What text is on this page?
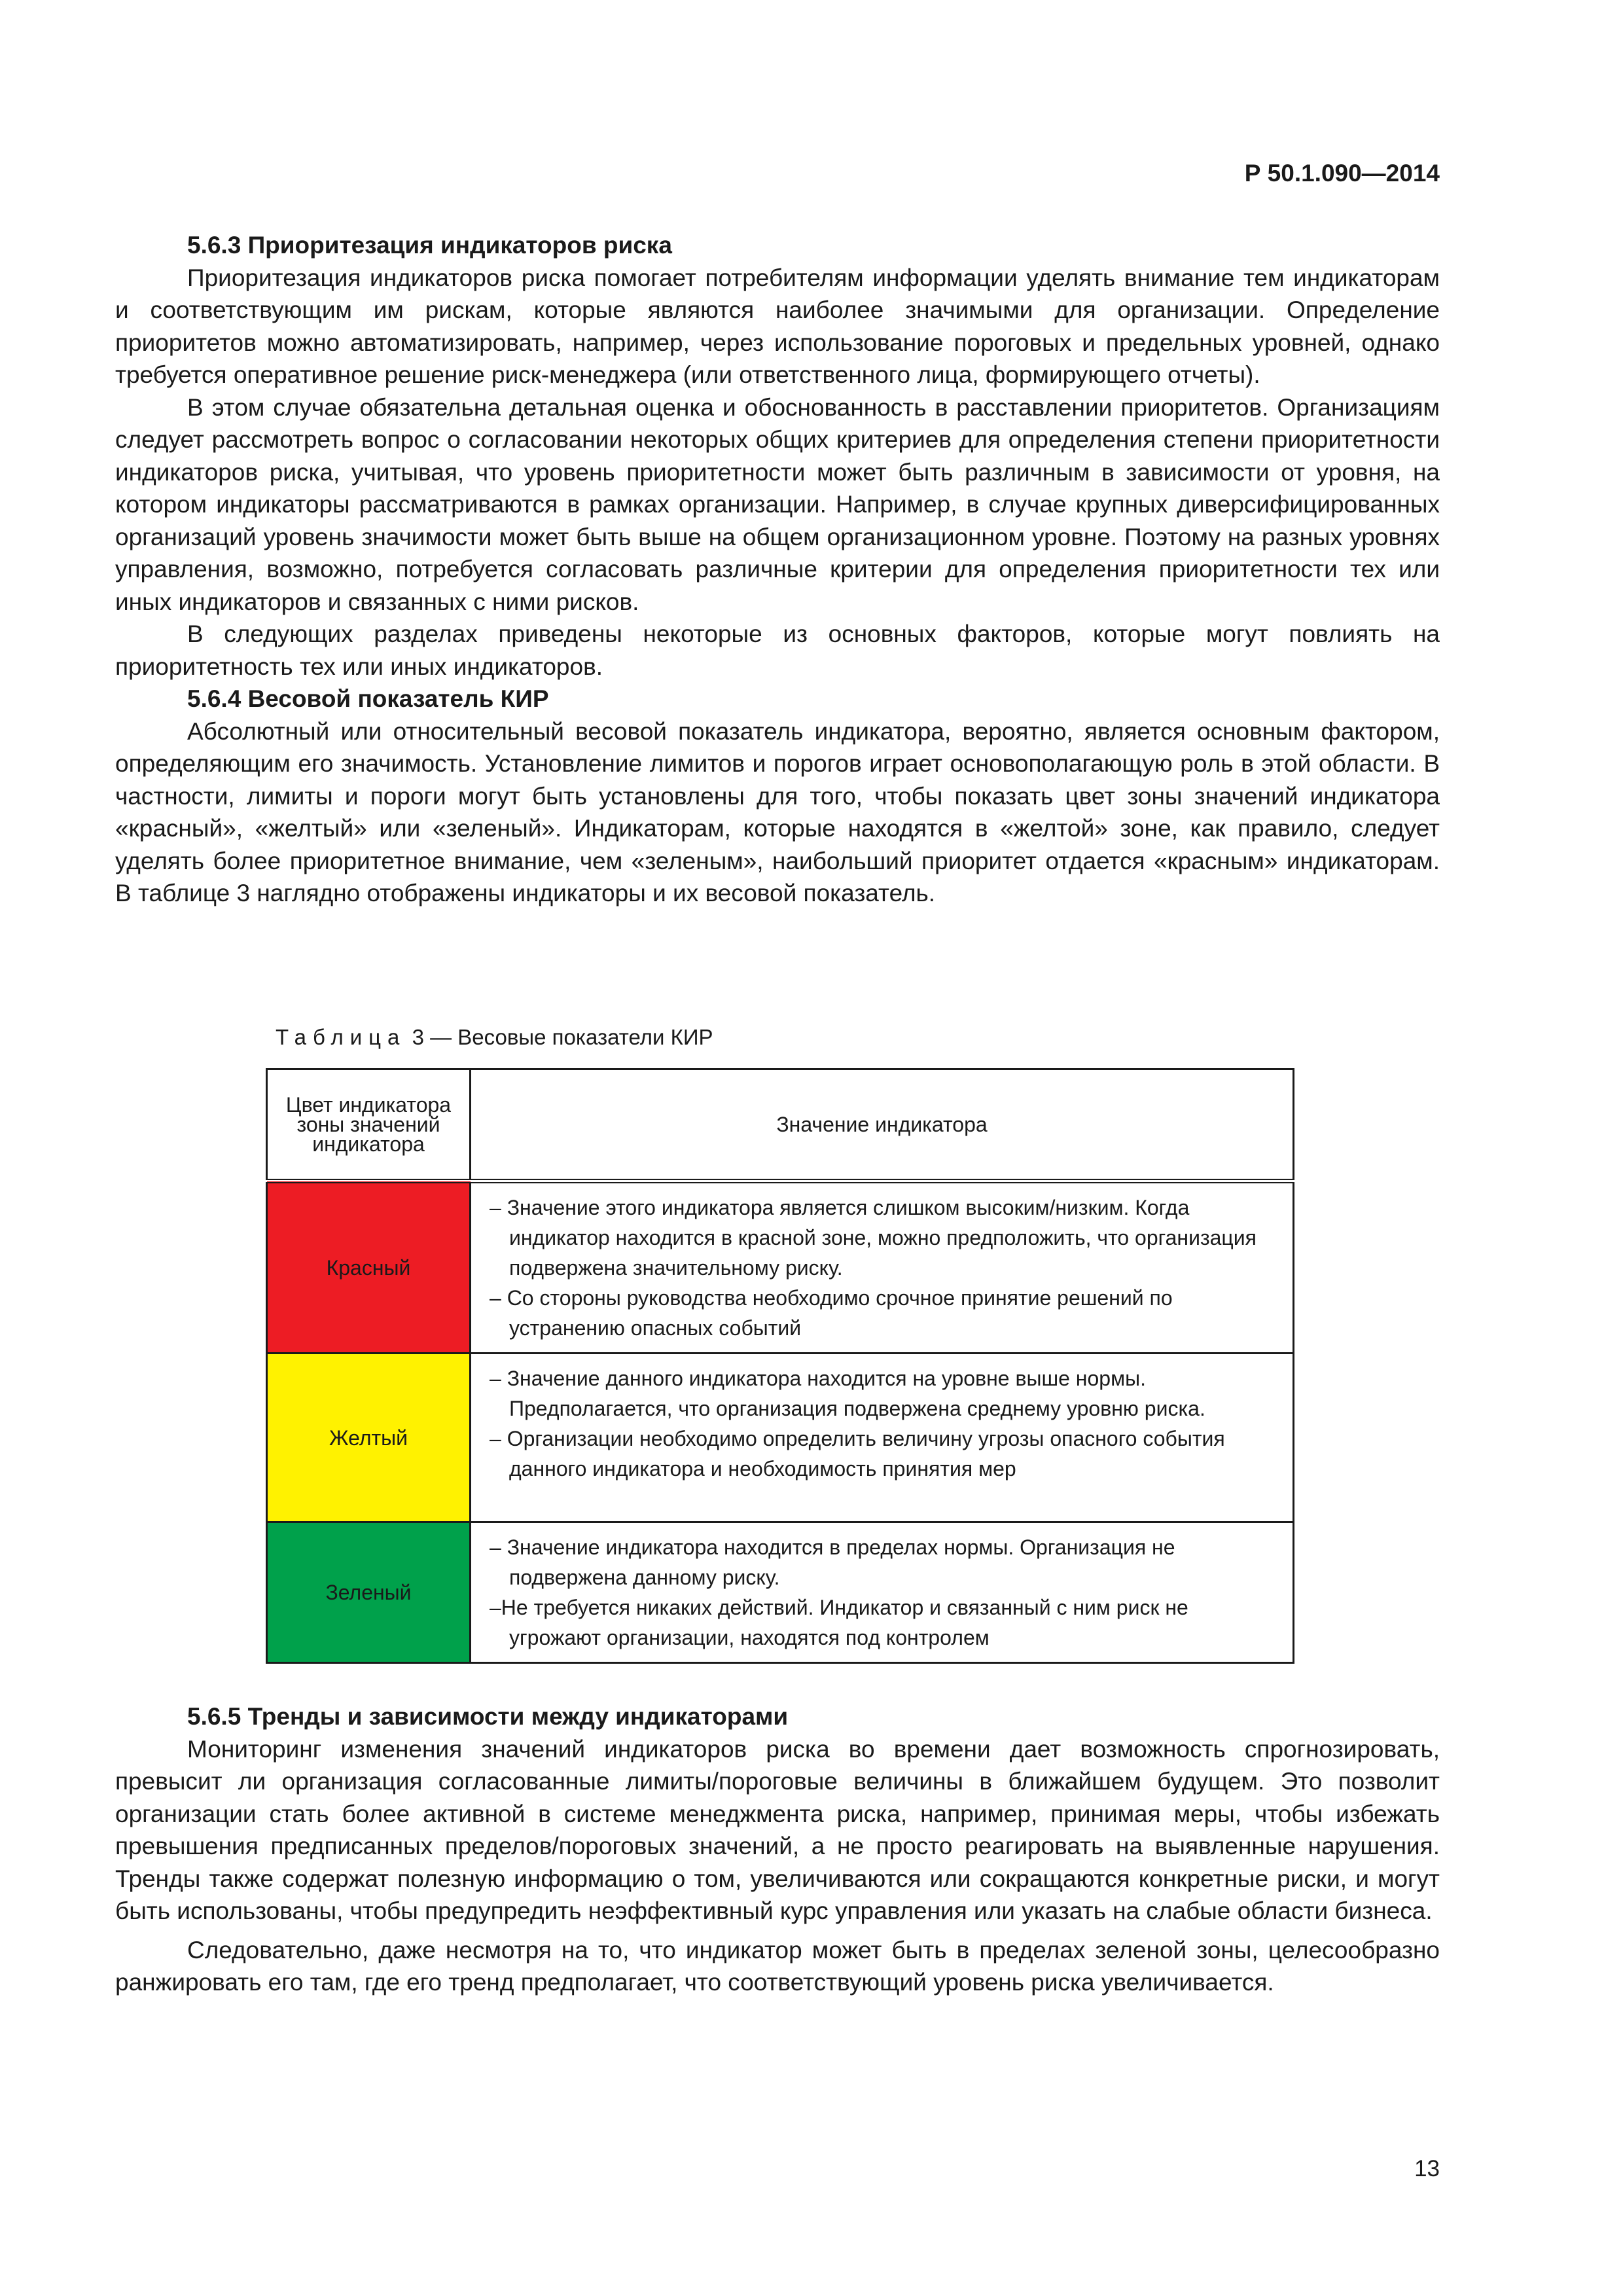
Р 50.1.090—2014
5.6.3 Приоритезация индикаторов риска

Приоритезация индикаторов риска помогает потребителям информации уделять внимание тем индикаторам и соответствующим им рискам, которые являются наиболее значимыми для организации. Определение приоритетов можно автоматизировать, например, через использование пороговых и предельных уровней, однако требуется оперативное решение риск-менеджера (или ответственного лица, формирующего отчеты).

В этом случае обязательна детальная оценка и обоснованность в расставлении приоритетов. Организациям следует рассмотреть вопрос о согласовании некоторых общих критериев для определения степени приоритетности индикаторов риска, учитывая, что уровень приоритетности может быть различным в зависимости от уровня, на котором индикаторы рассматриваются в рамках организации. Например, в случае крупных диверсифицированных организаций уровень значимости может быть выше на общем организационном уровне. Поэтому на разных уровнях управления, возможно, потребуется согласовать различные критерии для определения приоритетности тех или иных индикаторов и связанных с ними рисков.

В следующих разделах приведены некоторые из основных факторов, которые могут повлиять на приоритетность тех или иных индикаторов.

5.6.4 Весовой показатель КИР

Абсолютный или относительный весовой показатель индикатора, вероятно, является основным фактором, определяющим его значимость. Установление лимитов и порогов играет основополагающую роль в этой области. В частности, лимиты и пороги могут быть установлены для того, чтобы показать цвет зоны значений индикатора «красный», «желтый» или «зеленый». Индикаторам, которые находятся в «желтой» зоне, как правило, следует уделять более приоритетное внимание, чем «зеленым», наибольший приоритет отдается «красным» индикаторам. В таблице 3 наглядно отображены индикаторы и их весовой показатель.

Таблица 3 — Весовые показатели КИР
Цвет индикатора зоны значений индикатора	Значение индикатора
Красный	– Значение этого индикатора является слишком высоким/низким. Когда индикатор находится в красной зоне, можно предположить, что организация подвержена значительному риску.
– Со стороны руководства необходимо срочное принятие решений по устранению опасных событий

Желтый	– Значение данного индикатора находится на уровне выше нормы. Предполагается, что организация подвержена среднему уровню риска.
– Организации необходимо определить величину угрозы опасного события данного индикатора и необходимость принятия мер

Зеленый	– Значение индикатора находится в пределах нормы. Организация не подвержена данному риску.
–Не требуется никаких действий. Индикатор и связанный с ним риск не угрожают организации, находятся под контролем
5.6.5 Тренды и зависимости между индикаторами

Мониторинг изменения значений индикаторов риска во времени дает возможность спрогнозировать, превысит ли организация согласованные лимиты/пороговые величины в ближайшем будущем. Это позволит организации стать более активной в системе менеджмента риска, например, принимая меры, чтобы избежать превышения предписанных пределов/пороговых значений, а не просто реагировать на выявленные нарушения. Тренды также содержат полезную информацию о том, увеличиваются или сокращаются конкретные риски, и могут быть использованы, чтобы предупредить неэффективный курс управления или указать на слабые области бизнеса.

Следовательно, даже несмотря на то, что индикатор может быть в пределах зеленой зоны, целесообразно ранжировать его там, где его тренд предполагает, что соответствующий уровень риска увеличивается.

13
